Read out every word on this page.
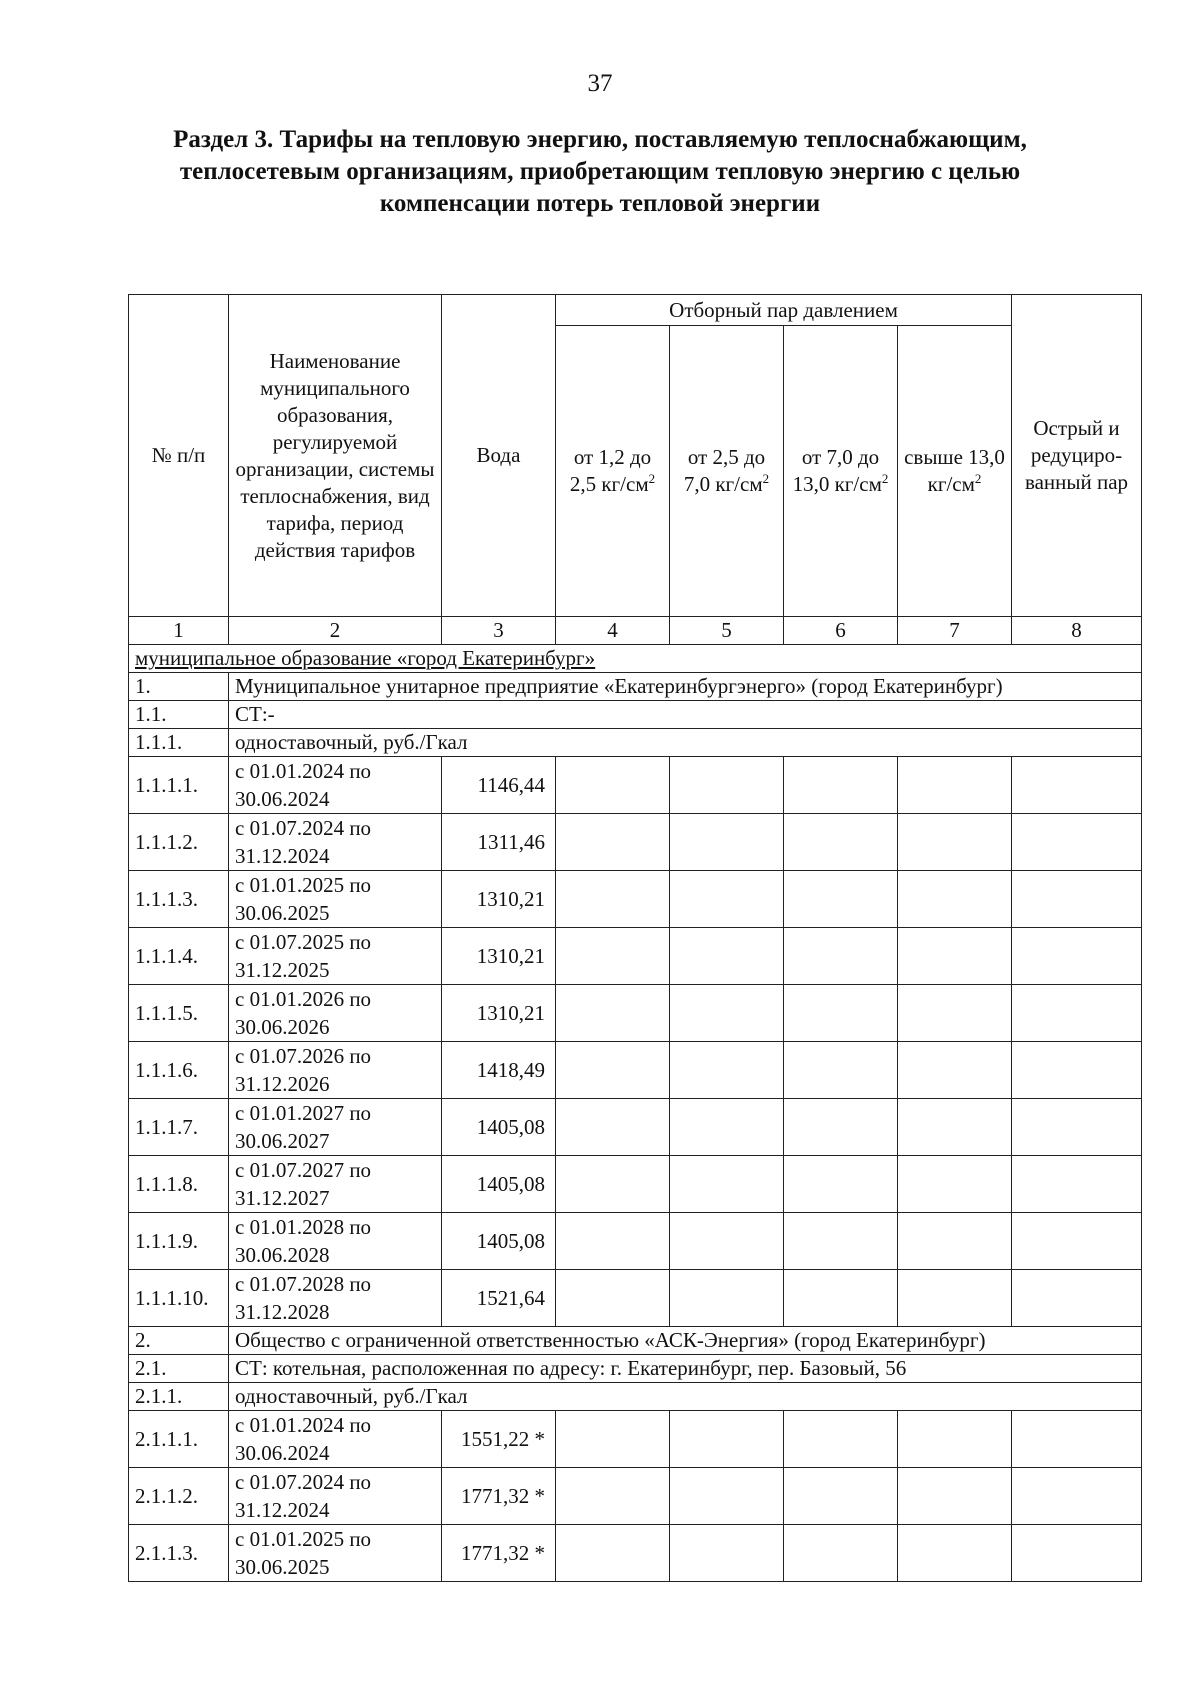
37
Раздел 3. Тарифы на тепловую энергию, поставляемую теплоснабжающим,
теплосетевым организациям, приобретающим тепловую энергию с целью
компенсации потерь тепловой энергии
№ п/п	Наименование муниципального образования, регулируемой организации, системы теплоснабжения, вид тарифа, период действия тарифов	Вода	Отборный пар давлением				Острый и редуциро-ванный пар
			от 1,2 до 2,5 $кг/см^2$	от 2,5 до 7,0 $кг/см^2$	от 7,0 до 13,0 $кг/см^2$	свыше 13,0 $кг/см^2$
1	2	3	4	5	6	7	8
муниципальное образование «город Екатеринбург»							
1.	Муниципальное унитарное предприятие «Екатеринбургэнерго» (город Екатеринбург)						
1.1.	СТ:-						
1.1.1.	одноставочный, руб./Гкал						
1.1.1.1.	с 01.01.2024 по 30.06.2024	1146,44					
1.1.1.2.	с 01.07.2024 по 31.12.2024	1311,46					
1.1.1.3.	с 01.01.2025 по 30.06.2025	1310,21					
1.1.1.4.	с 01.07.2025 по 31.12.2025	1310,21					
1.1.1.5.	с 01.01.2026 по 30.06.2026	1310,21					
1.1.1.6.	с 01.07.2026 по 31.12.2026	1418,49					
1.1.1.7.	с 01.01.2027 по 30.06.2027	1405,08					
1.1.1.8.	с 01.07.2027 по 31.12.2027	1405,08					
1.1.1.9.	с 01.01.2028 по 30.06.2028	1405,08					
1.1.1.10.	с 01.07.2028 по 31.12.2028	1521,64					
2.	Общество с ограниченной ответственностью «АСК-Энергия» (город Екатеринбург)						
2.1.	СТ: котельная, расположенная по адресу: г. Екатеринбург, пер. Базовый, 56						
2.1.1.	одноставочный, руб./Гкал						
2.1.1.1.	с 01.01.2024 по 30.06.2024	1551,22 *					
2.1.1.2.	с 01.07.2024 по 31.12.2024	1771,32 *					
2.1.1.3.	с 01.01.2025 по 30.06.2025	1771,32 *					
